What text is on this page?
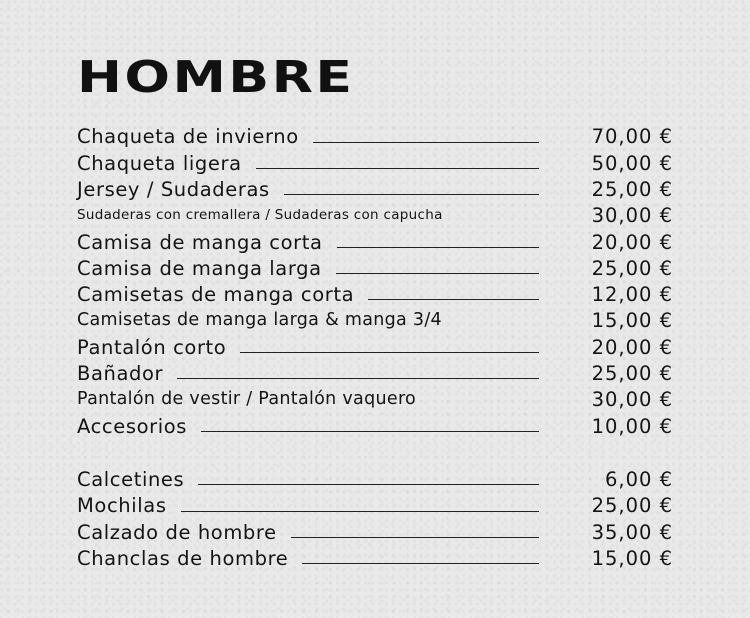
HOMBRE
Chaqueta de invierno	70,00 €
Chaqueta ligera	50,00 €
Jersey / Sudaderas	25,00 €
Sudaderas con cremallera / Sudaderas con capucha	30,00 €
Camisa de manga corta	20,00 €
Camisa de manga larga	25,00 €
Camisetas de manga corta	12,00 €
Camisetas de manga larga & manga 3/4	15,00 €
Pantalón corto	20,00 €
Bañador	25,00 €
Pantalón de vestir / Pantalón vaquero	30,00 €
Accesorios	10,00 €
Calcetines	6,00 €
Mochilas	25,00 €
Calzado de hombre	35,00 €
Chanclas de hombre	15,00 €
